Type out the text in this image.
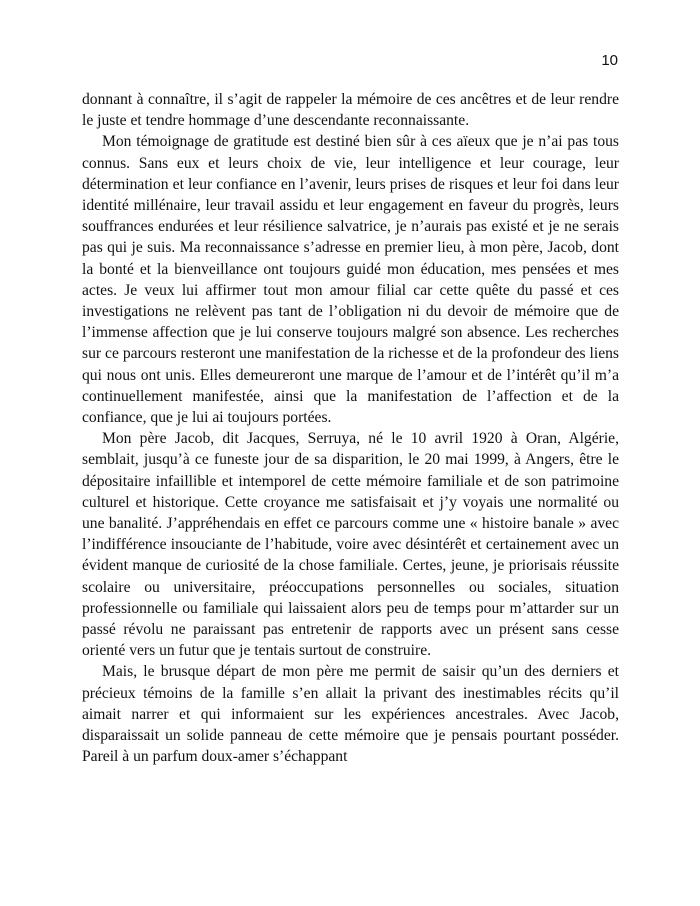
10

donnant à connaître, il s’agit de rappeler la mémoire de ces ancêtres et de leur rendre le juste et tendre hommage d’une descendante reconnaissante.

Mon témoignage de gratitude est destiné bien sûr à ces aïeux que je n’ai pas tous connus. Sans eux et leurs choix de vie, leur intelligence et leur courage, leur détermination et leur confiance en l’avenir, leurs prises de risques et leur foi dans leur identité millénaire, leur travail assidu et leur engagement en faveur du progrès, leurs souffrances endurées et leur résilience salvatrice, je n’aurais pas existé et je ne serais pas qui je suis. Ma reconnaissance s’adresse en premier lieu, à mon père, Jacob, dont la bonté et la bienveillance ont toujours guidé mon éducation, mes pensées et mes actes. Je veux lui affirmer tout mon amour filial car cette quête du passé et ces investigations ne relèvent pas tant de l’obligation ni du devoir de mémoire que de l’immense affection que je lui conserve toujours malgré son absence. Les recherches sur ce parcours resteront une manifestation de la richesse et de la profondeur des liens qui nous ont unis. Elles demeureront une marque de l’amour et de l’intérêt qu’il m’a continuellement manifestée, ainsi que la manifestation de l’affection et de la confiance, que je lui ai toujours portées.

Mon père Jacob, dit Jacques, Serruya, né le 10 avril 1920 à Oran, Algérie, semblait, jusqu’à ce funeste jour de sa disparition, le 20 mai 1999, à Angers, être le dépositaire infaillible et intemporel de cette mémoire familiale et de son patrimoine culturel et historique. Cette croyance me satisfaisait et j’y voyais une normalité ou une banalité. J’appréhendais en effet ce parcours comme une « histoire banale » avec l’indifférence insouciante de l’habitude, voire avec désintérêt et certainement avec un évident manque de curiosité de la chose familiale. Certes, jeune, je priorisais réussite scolaire ou universitaire, préoccupations personnelles ou sociales, situation professionnelle ou familiale qui laissaient alors peu de temps pour m’attarder sur un passé révolu ne paraissant pas entretenir de rapports avec un présent sans cesse orienté vers un futur que je tentais surtout de construire.

Mais, le brusque départ de mon père me permit de saisir qu’un des derniers et précieux témoins de la famille s’en allait la privant des inestimables récits qu’il aimait narrer et qui informaient sur les expériences ancestrales. Avec Jacob, disparaissait un solide panneau de cette mémoire que je pensais pourtant posséder. Pareil à un parfum doux-amer s’échappant
